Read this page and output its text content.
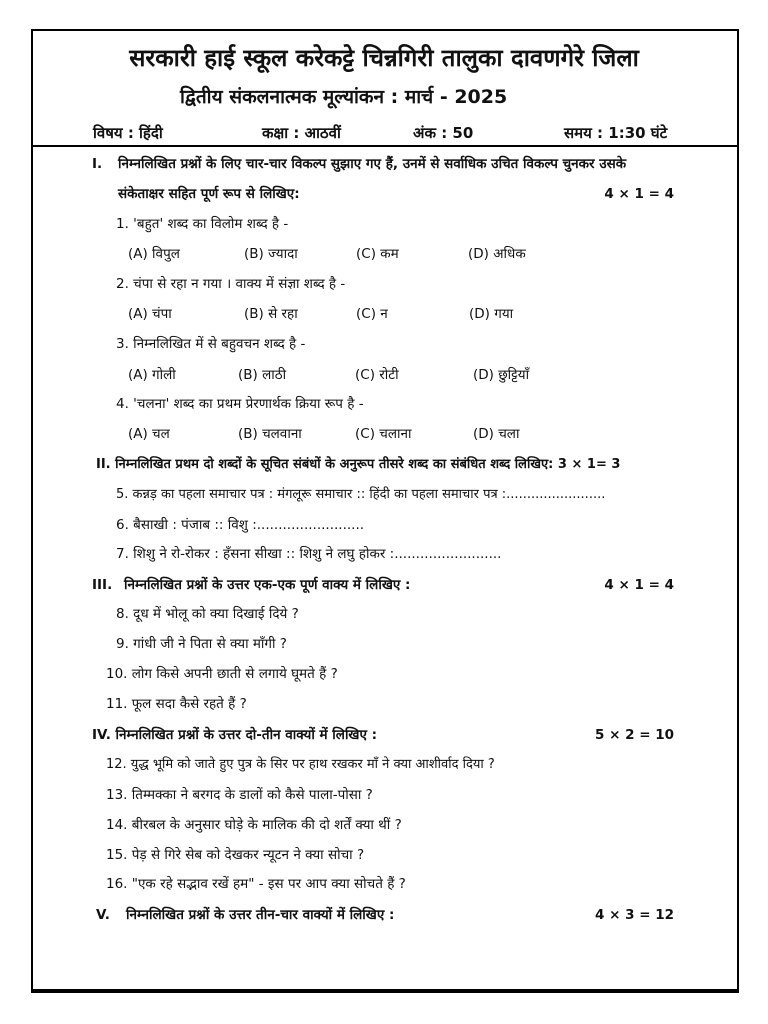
सरकारी हाई स्कूल करेकट्टे चिन्नगिरी तालुका दावणगेरे जिला
द्वितीय संकलनात्मक मूल्यांकन : मार्च - 2025
विषय : हिंदी	कक्षा : आठवीं	अंक : 50	समय : 1:30 घंटे
I. निम्नलिखित प्रश्नों के लिए चार-चार विकल्प सुझाए गए हैं, उनमें से सर्वाधिक उचित विकल्प चुनकर उसके
संकेताक्षर सहित पूर्ण रूप से लिखिए:	4 × 1 = 4
1. 'बहुत' शब्द का विलोम शब्द है -
(A) विपुल	(B) ज्यादा	(C) कम	(D) अधिक
2. चंपा से रहा न गया । वाक्य में संज्ञा शब्द है -
(A) चंपा	(B) से रहा	(C) न	(D) गया
3. निम्नलिखित में से बहुवचन शब्द है -
(A) गोली	(B) लाठी	(C) रोटी	(D) छुट्टियाँ
4. 'चलना' शब्द का प्रथम प्रेरणार्थक क्रिया रूप है -
(A) चल	(B) चलवाना	(C) चलाना	(D) चला
II. निम्नलिखित प्रथम दो शब्दों के सूचित संबंधों के अनुरूप तीसरे शब्द का संबंधित शब्द लिखिए: 3 × 1= 3
5. कन्नड़ का पहला समाचार पत्र : मंगलूरू समाचार :: हिंदी का पहला समाचार पत्र :........................
6. बैसाखी : पंजाब :: विशु :.........................
7. शिशु ने रो-रोकर : हँसना सीखा :: शिशु ने लघु होकर :.........................
III. निम्नलिखित प्रश्नों के उत्तर एक-एक पूर्ण वाक्य में लिखिए :	4 × 1 = 4
8. दूध में भोलू को क्या दिखाई दिये ?
9. गांधी जी ने पिता से क्या माँगी ?
10. लोग किसे अपनी छाती से लगाये घूमते हैं ?
11. फूल सदा कैसे रहते हैं ?
IV. निम्नलिखित प्रश्नों के उत्तर दो-तीन वाक्यों में लिखिए :	5 × 2 = 10
12. युद्ध भूमि को जाते हुए पुत्र के सिर पर हाथ रखकर माँ ने क्या आशीर्वाद दिया ?
13. तिम्मक्का ने बरगद के डालों को कैसे पाला-पोसा ?
14. बीरबल के अनुसार घोड़े के मालिक की दो शर्तें क्या थीं ?
15. पेड़ से गिरे सेब को देखकर न्यूटन ने क्या सोचा ?
16. "एक रहे सद्भाव रखें हम" - इस पर आप क्या सोचते हैं ?
V. निम्नलिखित प्रश्नों के उत्तर तीन-चार वाक्यों में लिखिए :	4 × 3 = 12
